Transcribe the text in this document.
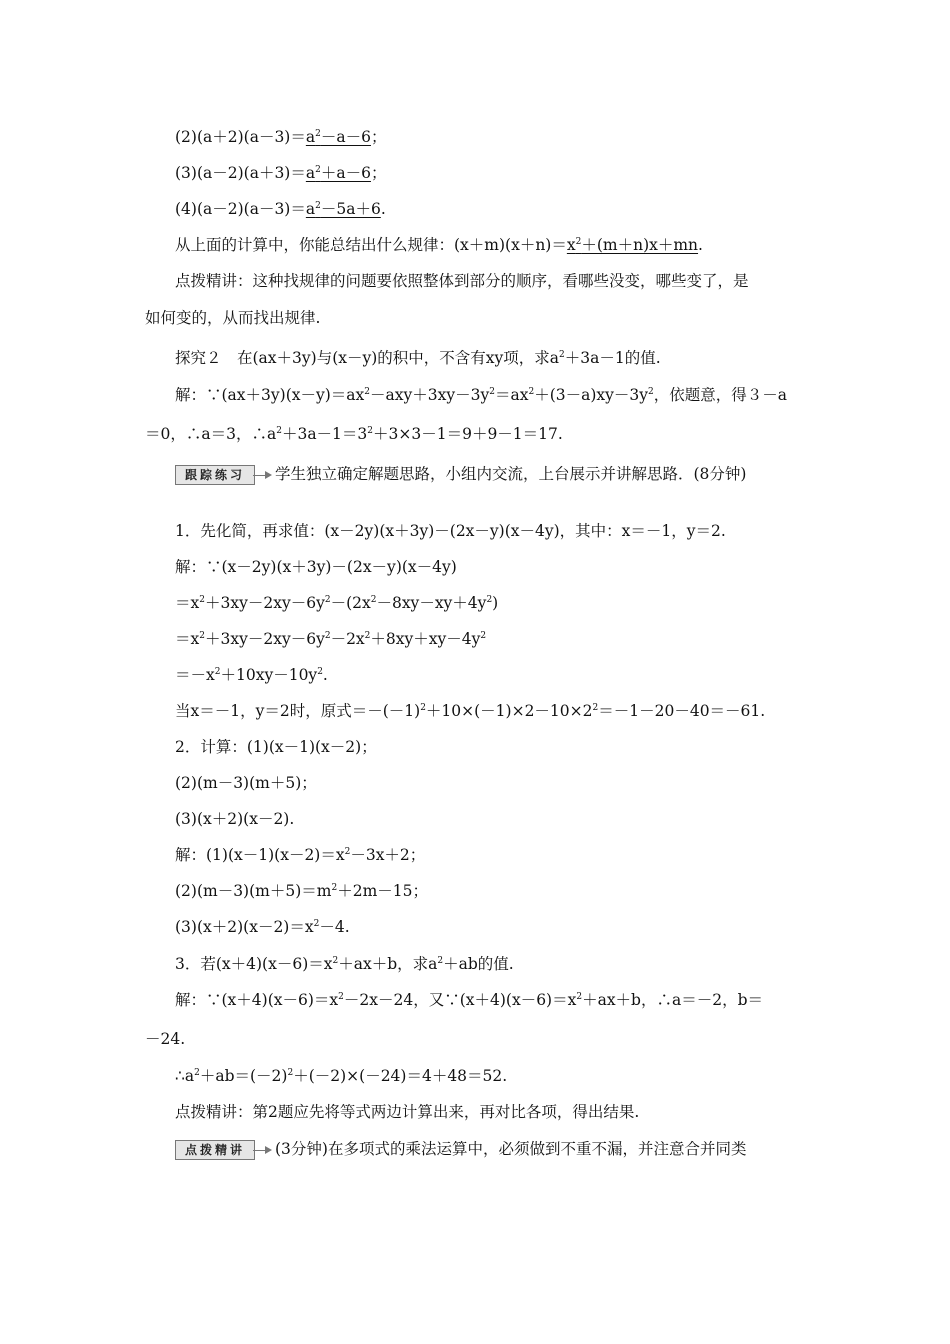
$(2)(a+2)(a-3)=a^2-a-6$；
$(3)(a-2)(a+3)=a^2+a-6$；
$(4)(a-2)(a-3)=a^2-5a+6$.
从上面的计算中，你能总结出什么规律：$(x+m)(x+n)=x^2+(m+n)x+mn$.
点拨精讲：这种找规律的问题要依照整体到部分的顺序，看哪些没变，哪些变了，是
如何变的，从而找出规律.
探究２　在(ax＋3y)与(x－y)的积中，不含有xy项，求$a^2+3a-1$的值.
解：$\because(ax+3y)(x-y)=ax^2-axy+3xy-3y^2=ax^2+(3-a)xy-3y^2$，依题意，得３－a
＝0，∴a＝3，$\therefore a^2+3a-1=3^2+3\times 3-1=9+9-1=17$.
跟踪练习	学生独立确定解题思路，小组内交流，上台展示并讲解思路．(8分钟)
1．先化简，再求值：(x－2y)(x＋3y)－(2x－y)(x－4y)，其中：x＝－1，y＝2.
解：∵(x－2y)(x＋3y)－(2x－y)(x－4y)
$=x^2+3xy-2xy-6y^2-(2x^2-8xy-xy+4y^2)$
$=x^2+3xy-2xy-6y^2-2x^2+8xy+xy-4y^2$
$=-x^2+10xy-10y^2$.
当x＝－1，y＝2时，原式$=-(-1)^2+10\times(-1)\times 2-10\times 2^2=-1-20-40=-61$.
2．计算：(1)(x－1)(x－2)；
(2)(m－3)(m＋5)；
(3)(x＋2)(x－2).
解：$(1)(x-1)(x-2)=x^2-3x+2$；
$(2)(m-3)(m+5)=m^2+2m-15$；
$(3)(x+2)(x-2)=x^2-4$.
3．若$(x+4)(x-6)=x^2+ax+b$，求$a^2+ab$的值.
解：$\because(x+4)(x-6)=x^2-2x-24$，又$\because(x+4)(x-6)=x^2+ax+b$，∴a＝－2，b＝
－24.
$\therefore a^2+ab=(-2)^2+(-2)\times(-24)=4+48=52$.
点拨精讲：第2题应先将等式两边计算出来，再对比各项，得出结果.
点拨精讲	(3分钟)在多项式的乘法运算中，必须做到不重不漏，并注意合并同类
